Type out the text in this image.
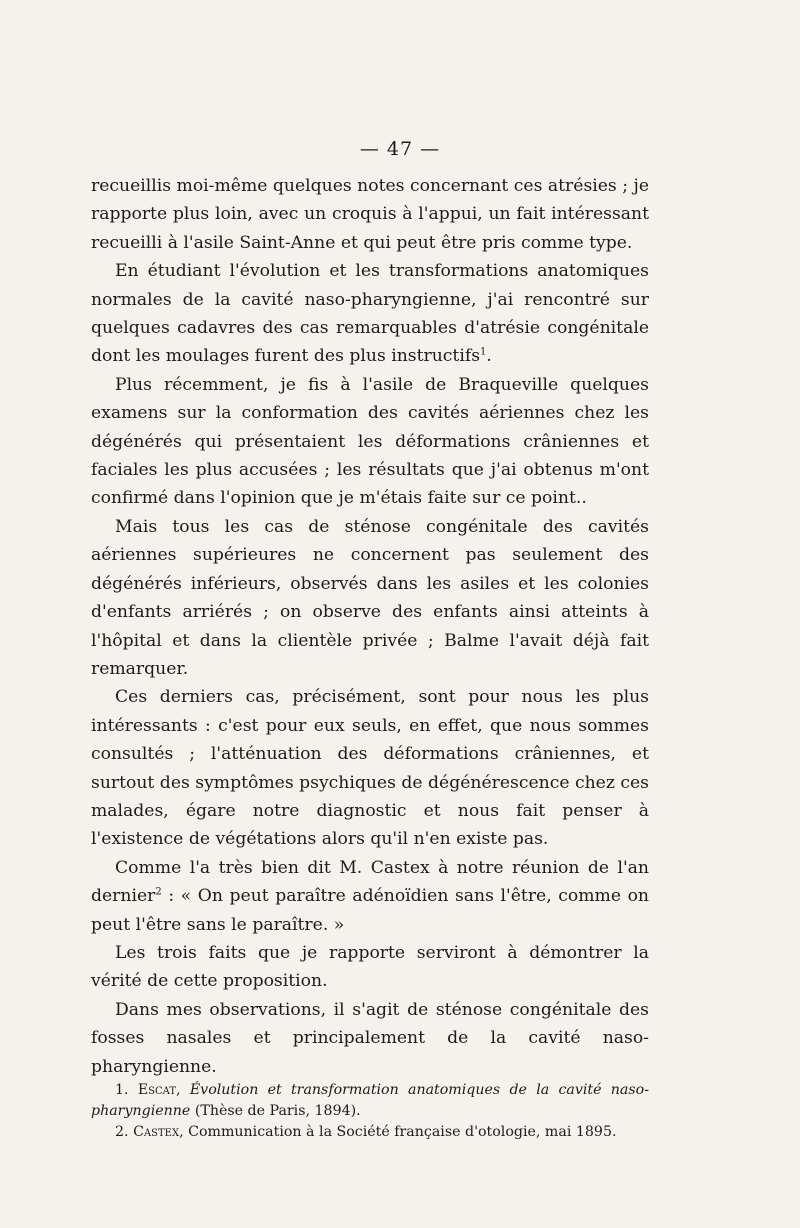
— 47 —

recueillis moi-même quelques notes concernant ces atrésies ; je rapporte plus loin, avec un croquis à l'appui, un fait intéressant recueilli à l'asile Saint-Anne et qui peut être pris comme type.

En étudiant l'évolution et les transformations anatomiques normales de la cavité naso-pharyngienne, j'ai rencontré sur quelques cadavres des cas remarquables d'atrésie congénitale dont les moulages furent des plus instructifs$^1$.

Plus récemment, je fis à l'asile de Braqueville quelques examens sur la conformation des cavités aériennes chez les dégénérés qui présentaient les déformations crâniennes et faciales les plus accusées ; les résultats que j'ai obtenus m'ont confirmé dans l'opinion que je m'étais faite sur ce point..

Mais tous les cas de sténose congénitale des cavités aériennes supérieures ne concernent pas seulement des dégénérés inférieurs, observés dans les asiles et les colonies d'enfants arriérés ; on observe des enfants ainsi atteints à l'hôpital et dans la clientèle privée ; Balme l'avait déjà fait remarquer.

Ces derniers cas, précisément, sont pour nous les plus intéressants : c'est pour eux seuls, en effet, que nous sommes consultés ; l'atténuation des déformations crâniennes, et surtout des symptômes psychiques de dégénérescence chez ces malades, égare notre diagnostic et nous fait penser à l'existence de végétations alors qu'il n'en existe pas.

Comme l'a très bien dit M. Castex à notre réunion de l'an dernier$^2$ : « On peut paraître adénoïdien sans l'être, comme on peut l'être sans le paraître. »

Les trois faits que je rapporte serviront à démontrer la vérité de cette proposition.

Dans mes observations, il s'agit de sténose congénitale des fosses nasales et principalement de la cavité naso-pharyngienne.

1. Escat, Évolution et transformation anatomiques de la cavité naso-pharyngienne (Thèse de Paris, 1894).

2. Castex, Communication à la Société française d'otologie, mai 1895.
